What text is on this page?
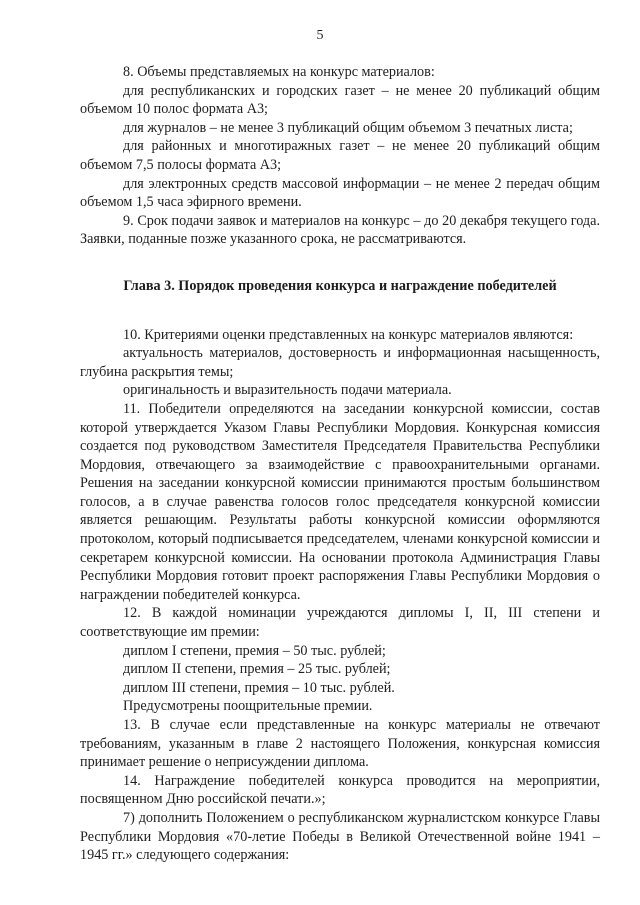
5

8. Объемы представляемых на конкурс материалов:

для республиканских и городских газет – не менее 20 публикаций общим объемом 10 полос формата А3;

для журналов – не менее 3 публикаций общим объемом 3 печатных листа;

для районных и многотиражных газет – не менее 20 публикаций общим объемом 7,5 полосы формата А3;

для электронных средств массовой информации – не менее 2 передач общим объемом 1,5 часа эфирного времени.

9. Срок подачи заявок и материалов на конкурс – до 20 декабря текущего года. Заявки, поданные позже указанного срока, не рассматриваются.

Глава 3. Порядок проведения конкурса и награждение победителей

10. Критериями оценки представленных на конкурс материалов являются:

актуальность материалов, достоверность и информационная насыщенность, глубина раскрытия темы;

оригинальность и выразительность подачи материала.

11. Победители определяются на заседании конкурсной комиссии, состав которой утверждается Указом Главы Республики Мордовия. Конкурсная комиссия создается под руководством Заместителя Председателя Правительства Республики Мордовия, отвечающего за взаимодействие с правоохранительными органами. Решения на заседании конкурсной комиссии принимаются простым большинством голосов, а в случае равенства голосов голос председателя конкурсной комиссии является решающим. Результаты работы конкурсной комиссии оформляются протоколом, который подписывается председателем, членами конкурсной комиссии и секретарем конкурсной комиссии. На основании протокола Администрация Главы Республики Мордовия готовит проект распоряжения Главы Республики Мордовия о награждении победителей конкурса.

12. В каждой номинации учреждаются дипломы I, II, III степени и соответствующие им премии:

диплом I степени, премия – 50 тыс. рублей;

диплом II степени, премия – 25 тыс. рублей;

диплом III степени, премия – 10 тыс. рублей.

Предусмотрены поощрительные премии.

13. В случае если представленные на конкурс материалы не отвечают требованиям, указанным в главе 2 настоящего Положения, конкурсная комиссия принимает решение о неприсуждении диплома.

14. Награждение победителей конкурса проводится на мероприятии, посвященном Дню российской печати.»;

7) дополнить Положением о республиканском журналистском конкурсе Главы Республики Мордовия «70-летие Победы в Великой Отечественной войне 1941 – 1945 гг.» следующего содержания:
